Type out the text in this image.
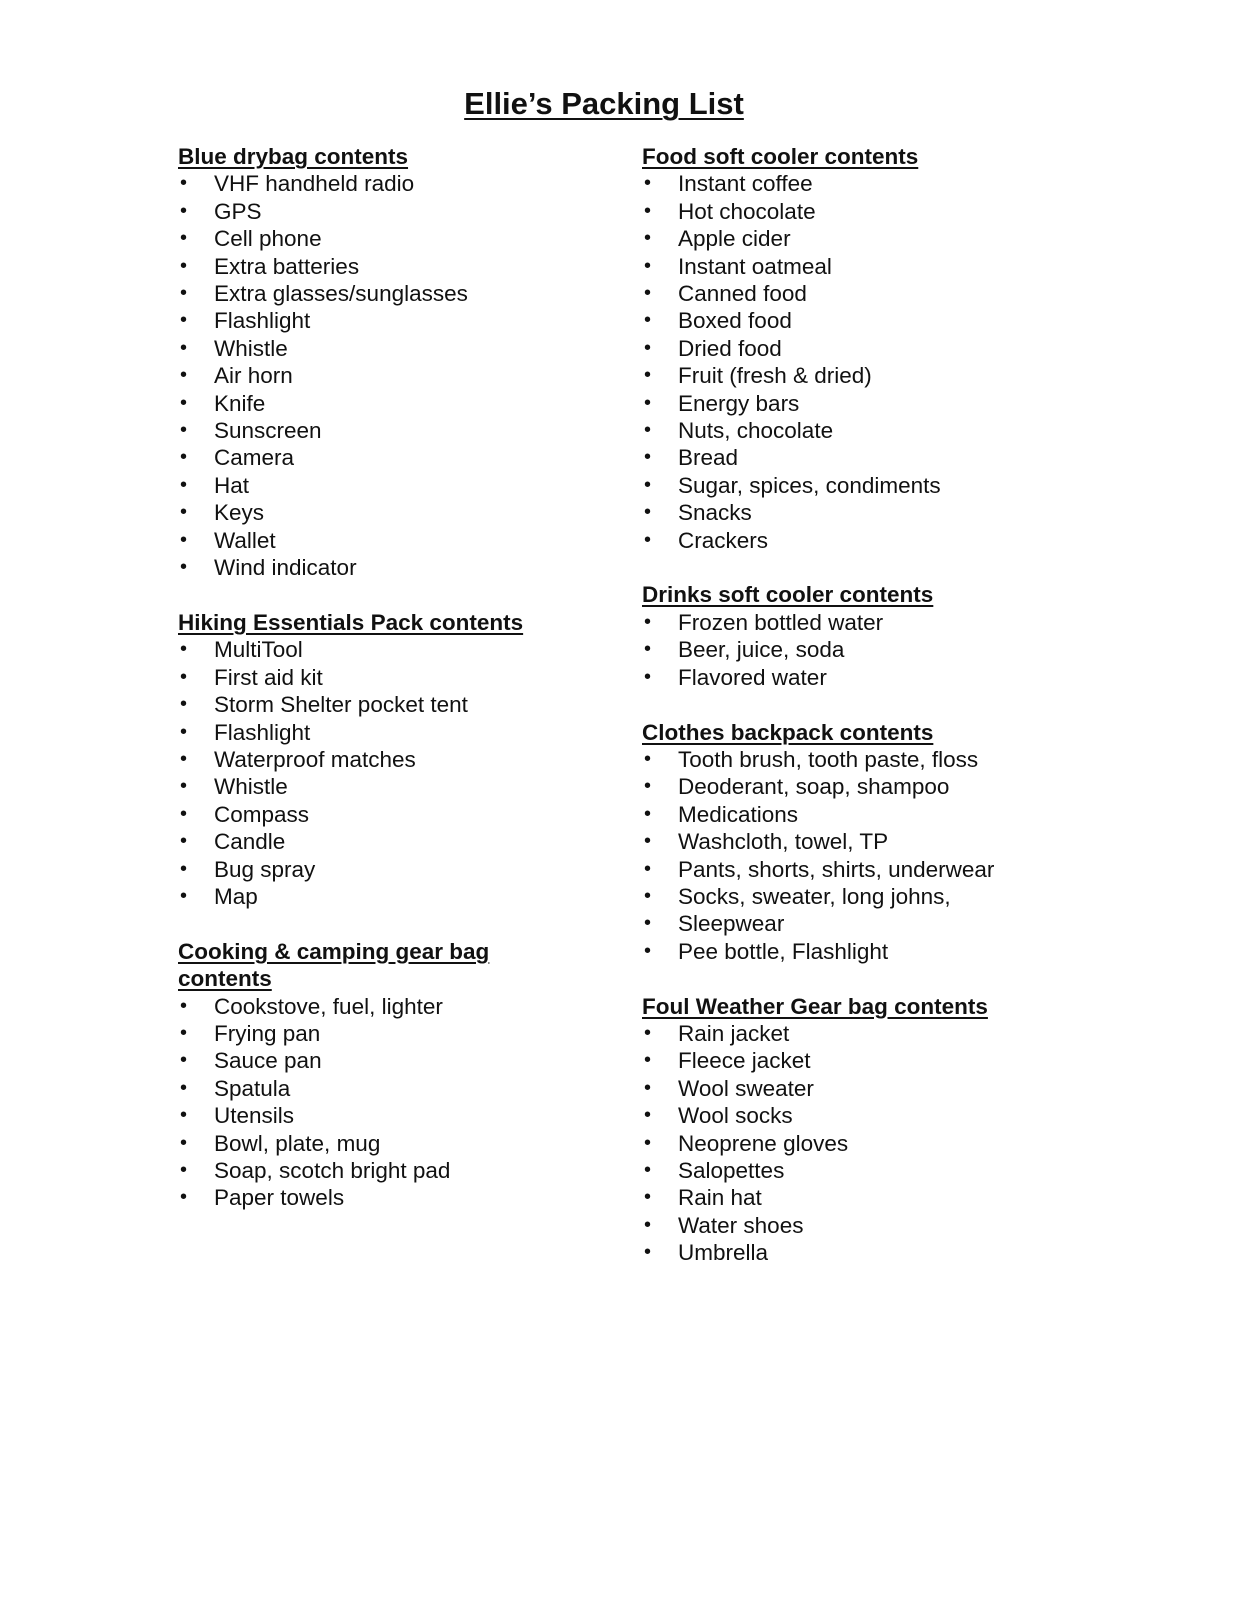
Ellie’s Packing List
Blue drybag contents
• VHF handheld radio
• GPS
• Cell phone
• Extra batteries
• Extra glasses/sunglasses
• Flashlight
• Whistle
• Air horn
• Knife
• Sunscreen
• Camera
• Hat
• Keys
• Wallet
• Wind indicator
Hiking Essentials Pack contents
• MultiTool
• First aid kit
• Storm Shelter pocket tent
• Flashlight
• Waterproof matches
• Whistle
• Compass
• Candle
• Bug spray
• Map
Cooking & camping gear bag contents
• Cookstove, fuel, lighter
• Frying pan
• Sauce pan
• Spatula
• Utensils
• Bowl, plate, mug
• Soap, scotch bright pad
• Paper towels
Food soft cooler contents
• Instant coffee
• Hot chocolate
• Apple cider
• Instant oatmeal
• Canned food
• Boxed food
• Dried food
• Fruit (fresh & dried)
• Energy bars
• Nuts, chocolate
• Bread
• Sugar, spices, condiments
• Snacks
• Crackers
Drinks soft cooler contents
• Frozen bottled water
• Beer, juice, soda
• Flavored water
Clothes backpack contents
• Tooth brush, tooth paste, floss
• Deoderant, soap, shampoo
• Medications
• Washcloth, towel, TP
• Pants, shorts, shirts, underwear
• Socks, sweater, long johns,
• Sleepwear
• Pee bottle, Flashlight
Foul Weather Gear bag contents
• Rain jacket
• Fleece jacket
• Wool sweater
• Wool socks
• Neoprene gloves
• Salopettes
• Rain hat
• Water shoes
• Umbrella
